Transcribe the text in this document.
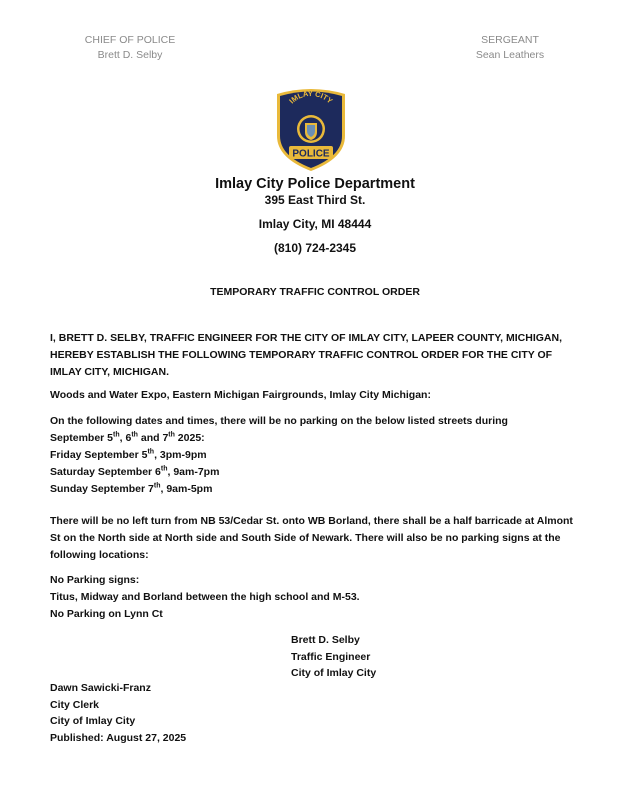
CHIEF OF POLICE
Brett D. Selby
SERGEANT
Sean Leathers
IMLAY CITY
POLICE
Imlay City Police Department
395 East Third St.
Imlay City, MI 48444
(810) 724-2345
TEMPORARY TRAFFIC CONTROL ORDER
I, BRETT D. SELBY, TRAFFIC ENGINEER FOR THE CITY OF IMLAY CITY, LAPEER COUNTY, MICHIGAN, HEREBY ESTABLISH THE FOLLOWING TEMPORARY TRAFFIC CONTROL ORDER FOR THE CITY OF IMLAY CITY, MICHIGAN.
Woods and Water Expo, Eastern Michigan Fairgrounds, Imlay City Michigan:

On the following dates and times, there will be no parking on the below listed streets during

September 5th, 6th and 7th 2025:

Friday September 5th, 3pm-9pm

Saturday September 6th, 9am-7pm

Sunday September 7th, 9am-5pm

There will be no left turn from NB 53/Cedar St. onto WB Borland, there shall be a half barricade at Almont St on the North side at North side and South Side of Newark. There will also be no parking signs at the following locations:

No Parking signs:

Titus, Midway and Borland between the high school and M-53.

No Parking on Lynn Ct

Brett D. Selby
Traffic Engineer
City of Imlay City
Dawn Sawicki-Franz
City Clerk
City of Imlay City
Published: August 27, 2025
